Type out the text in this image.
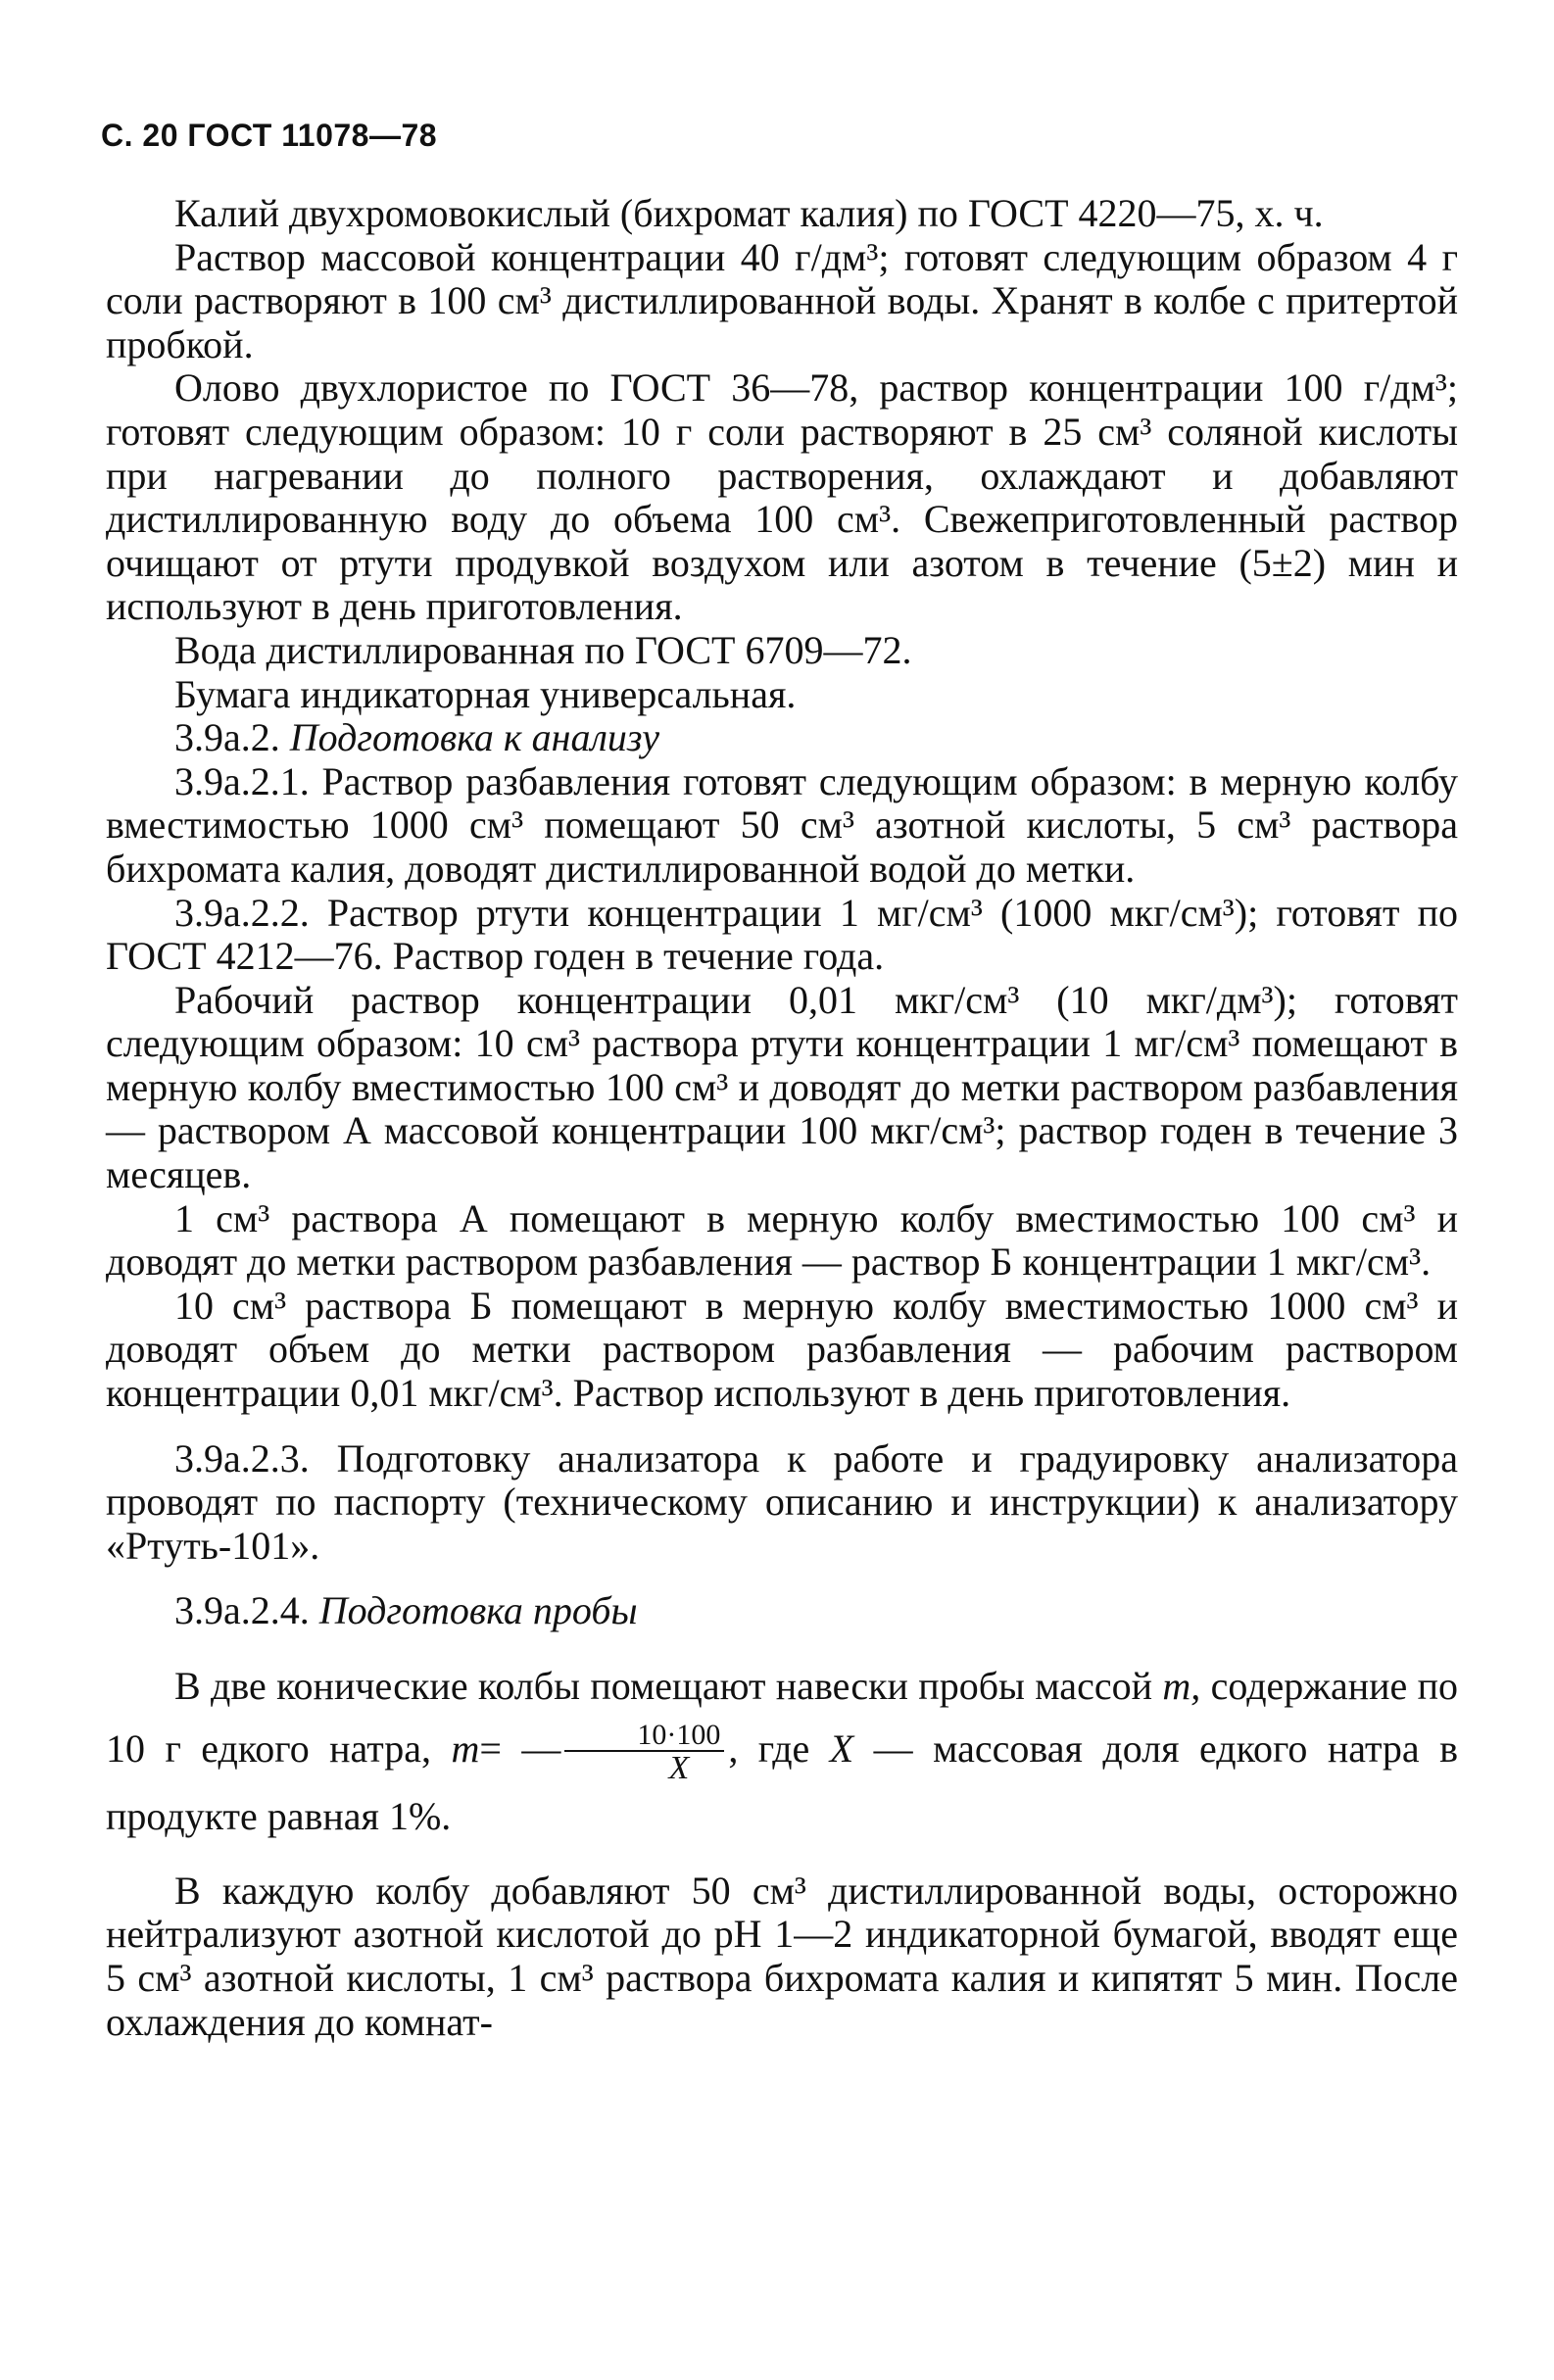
С. 20 ГОСТ 11078—78

Калий двухромовокислый (бихромат калия) по ГОСТ 4220—75, х. ч.

Раствор массовой концентрации 40 г/дм³; готовят следующим образом 4 г соли растворяют в 100 см³ дистиллированной воды. Хранят в колбе с притертой пробкой.

Олово двухлористое по ГОСТ 36—78, раствор концентрации 100 г/дм³; готовят следующим образом: 10 г соли растворяют в 25 см³ соляной кислоты при нагревании до полного растворения, охлаждают и добавляют дистиллированную воду до объема 100 см³. Свежеприготовленный раствор очищают от ртути продувкой воздухом или азотом в течение (5±2) мин и используют в день приготовления.

Вода дистиллированная по ГОСТ 6709—72.

Бумага индикаторная универсальная.

3.9а.2. Подготовка к анализу

3.9а.2.1. Раствор разбавления готовят следующим образом: в мерную колбу вместимостью 1000 см³ помещают 50 см³ азотной кислоты, 5 см³ раствора бихромата калия, доводят дистиллированной водой до метки.

3.9а.2.2. Раствор ртути концентрации 1 мг/см³ (1000 мкг/см³); готовят по ГОСТ 4212—76. Раствор годен в течение года.

Рабочий раствор концентрации 0,01 мкг/см³ (10 мкг/дм³); готовят следующим образом: 10 см³ раствора ртути концентрации 1 мг/см³ помещают в мерную колбу вместимостью 100 см³ и доводят до метки раствором разбавления — раствором А массовой концентрации 100 мкг/см³; раствор годен в течение 3 месяцев.

1 см³ раствора А помещают в мерную колбу вместимостью 100 см³ и доводят до метки раствором разбавления — раствор Б концентрации 1 мкг/см³.

10 см³ раствора Б помещают в мерную колбу вместимостью 1000 см³ и доводят объем до метки раствором разбавления — рабочим раствором концентрации 0,01 мкг/см³. Раствор используют в день приготовления.

3.9а.2.3. Подготовку анализатора к работе и градуировку анализатора проводят по паспорту (техническому описанию и инструкции) к анализатору «Ртуть-101».

3.9а.2.4. Подготовка пробы

В две конические колбы помещают навески пробы массой m, содержание по 10 г едкого натра, m= — $\frac{10\cdot 100}{X}$ , где X — массовая доля едкого натра в продукте равная 1%.

В каждую колбу добавляют 50 см³ дистиллированной воды, осторожно нейтрализуют азотной кислотой до pH 1—2 индикаторной бумагой, вводят еще 5 см³ азотной кислоты, 1 см³ раствора бихромата калия и кипятят 5 мин. После охлаждения до комнат-
